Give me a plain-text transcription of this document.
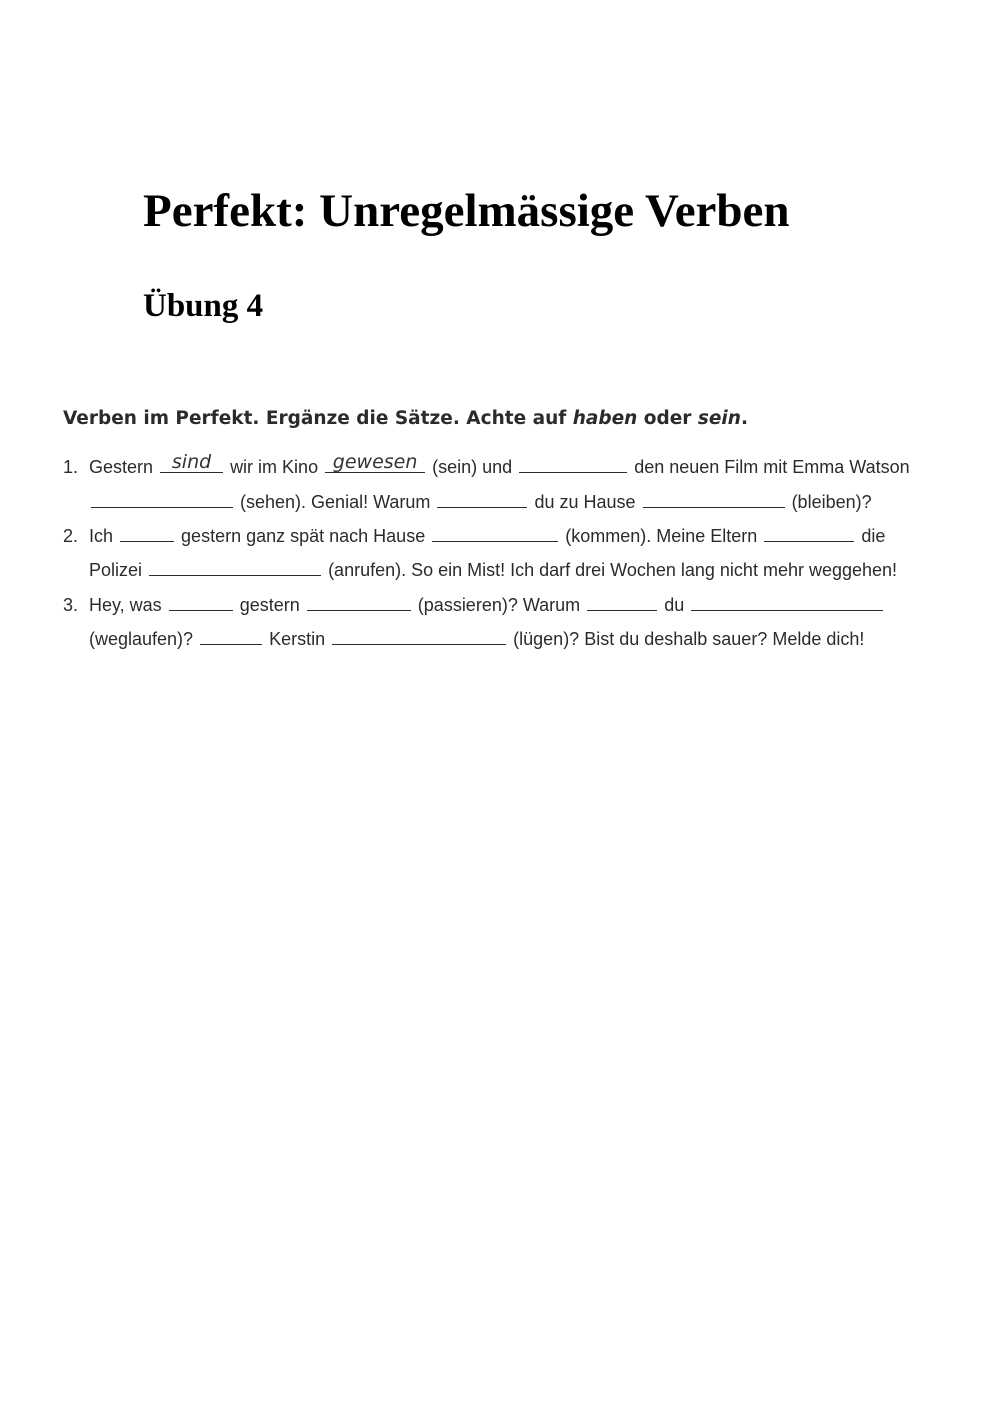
Perfekt: Unregelmässige Verben
Übung 4
Verben im Perfekt. Ergänze die Sätze. Achte auf haben oder sein.
1. Gestern sind	wir im Kino gewesen (sein) und	den neuen Film mit Emma Watson
(sehen). Genial! Warum	du zu Hause	(bleiben)?
2. Ich	gestern ganz spät nach Hause	(kommen). Meine Eltern	die
Polizei	(anrufen). So ein Mist! Ich darf drei Wochen lang nicht mehr weggehen!
3. Hey, was	gestern	(passieren)? Warum	du
(weglaufen)?	Kerstin	(lügen)? Bist du deshalb sauer? Melde dich!
